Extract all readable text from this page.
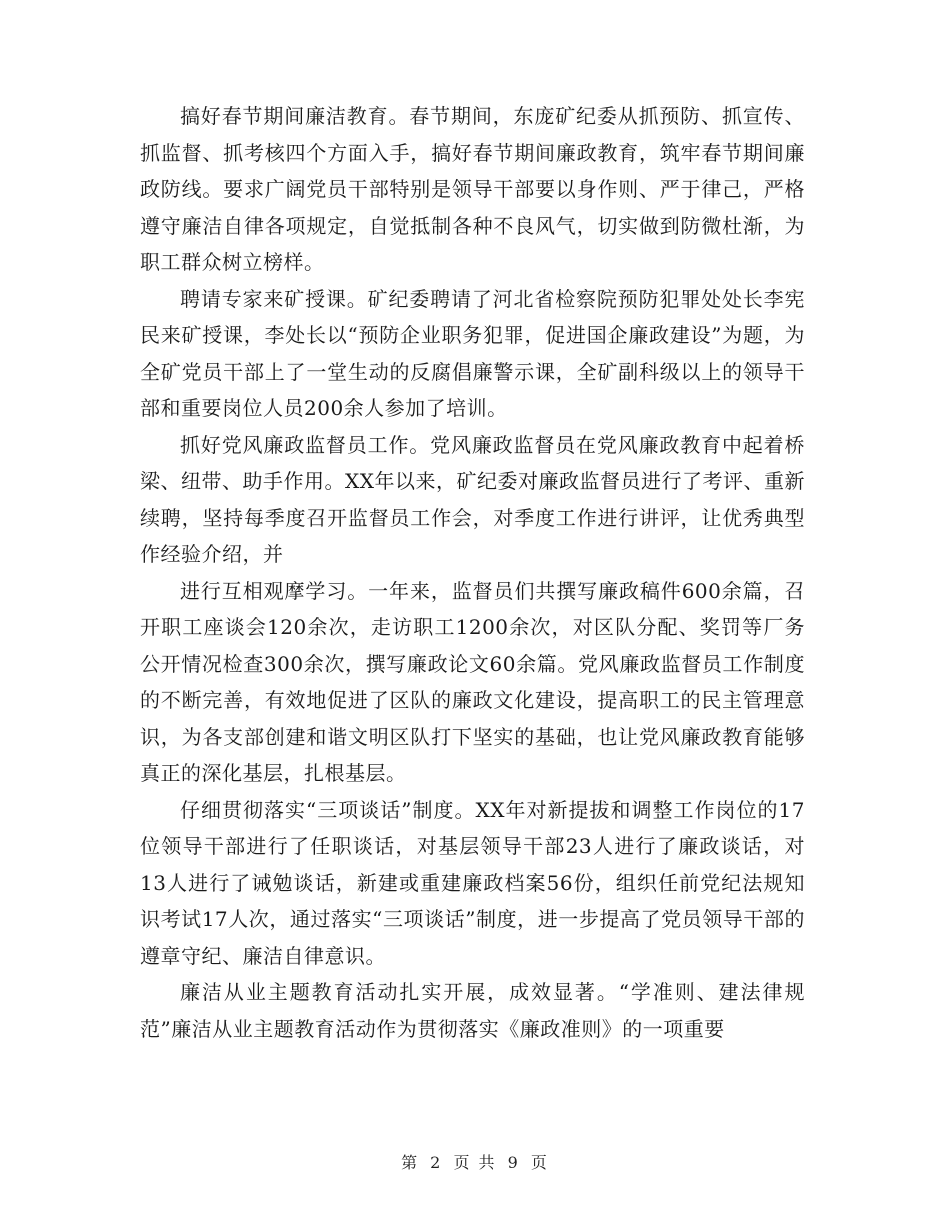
搞好春节期间廉洁教育。春节期间，东庞矿纪委从抓预防、抓宣传、抓监督、抓考核四个方面入手，搞好春节期间廉政教育，筑牢春节期间廉政防线。要求广阔党员干部特别是领导干部要以身作则、严于律己，严格遵守廉洁自律各项规定，自觉抵制各种不良风气，切实做到防微杜渐，为职工群众树立榜样。

聘请专家来矿授课。矿纪委聘请了河北省检察院预防犯罪处处长李宪民来矿授课，李处长以“预防企业职务犯罪，促进国企廉政建设”为题，为全矿党员干部上了一堂生动的反腐倡廉警示课，全矿副科级以上的领导干部和重要岗位人员200余人参加了培训。

抓好党风廉政监督员工作。党风廉政监督员在党风廉政教育中起着桥梁、纽带、助手作用。XX年以来，矿纪委对廉政监督员进行了考评、重新续聘，坚持每季度召开监督员工作会，对季度工作进行讲评，让优秀典型作经验介绍，并

进行互相观摩学习。一年来，监督员们共撰写廉政稿件600余篇，召开职工座谈会120余次，走访职工1200余次，对区队分配、奖罚等厂务公开情况检查300余次，撰写廉政论文60余篇。党风廉政监督员工作制度的不断完善，有效地促进了区队的廉政文化建设，提高职工的民主管理意识，为各支部创建和谐文明区队打下坚实的基础，也让党风廉政教育能够真正的深化基层，扎根基层。

仔细贯彻落实“三项谈话”制度。XX年对新提拔和调整工作岗位的17位领导干部进行了任职谈话，对基层领导干部23人进行了廉政谈话，对13人进行了诫勉谈话，新建或重建廉政档案56份，组织任前党纪法规知识考试17人次，通过落实“三项谈话”制度，进一步提高了党员领导干部的遵章守纪、廉洁自律意识。

廉洁从业主题教育活动扎实开展，成效显著。“学准则、建法律规范”廉洁从业主题教育活动作为贯彻落实《廉政准则》的一项重要

第 2 页 共 9 页
